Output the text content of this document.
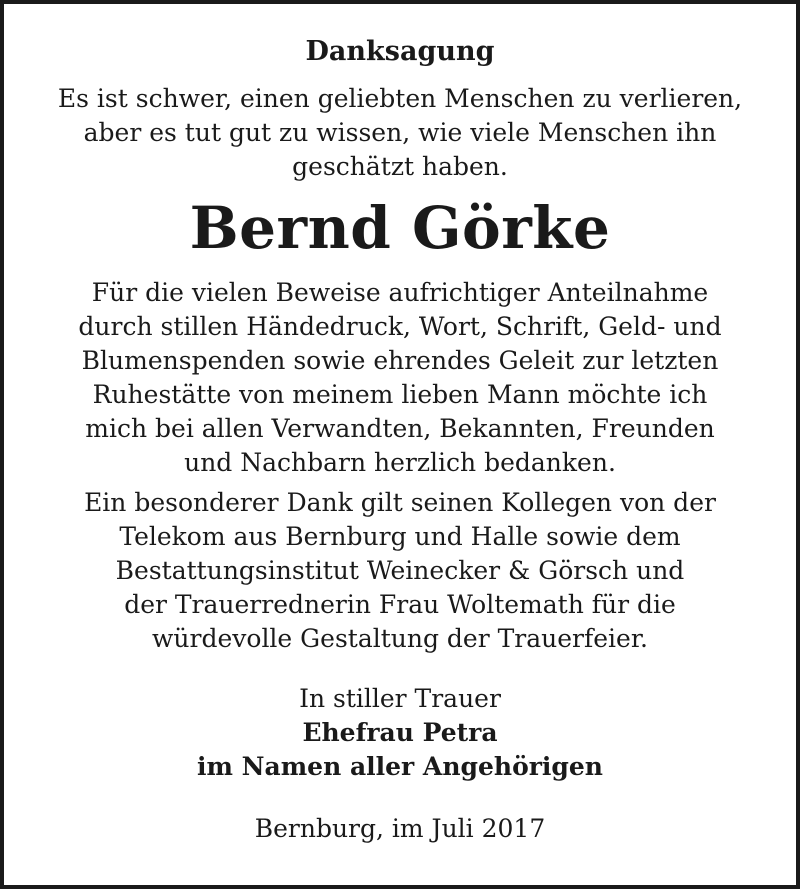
Danksagung

Es ist schwer, einen geliebten Menschen zu verlieren,

aber es tut gut zu wissen, wie viele Menschen ihn

geschätzt haben.

Bernd Görke

Für die vielen Beweise aufrichtiger Anteilnahme

durch stillen Händedruck, Wort, Schrift, Geld- und

Blumenspenden sowie ehrendes Geleit zur letzten

Ruhestätte von meinem lieben Mann möchte ich

mich bei allen Verwandten, Bekannten, Freunden

und Nachbarn herzlich bedanken.

Ein besonderer Dank gilt seinen Kollegen von der

Telekom aus Bernburg und Halle sowie dem

Bestattungsinstitut Weinecker & Görsch und

der Trauerrednerin Frau Woltemath für die

würdevolle Gestaltung der Trauerfeier.

In stiller Trauer

Ehefrau Petra

im Namen aller Angehörigen

Bernburg, im Juli 2017
